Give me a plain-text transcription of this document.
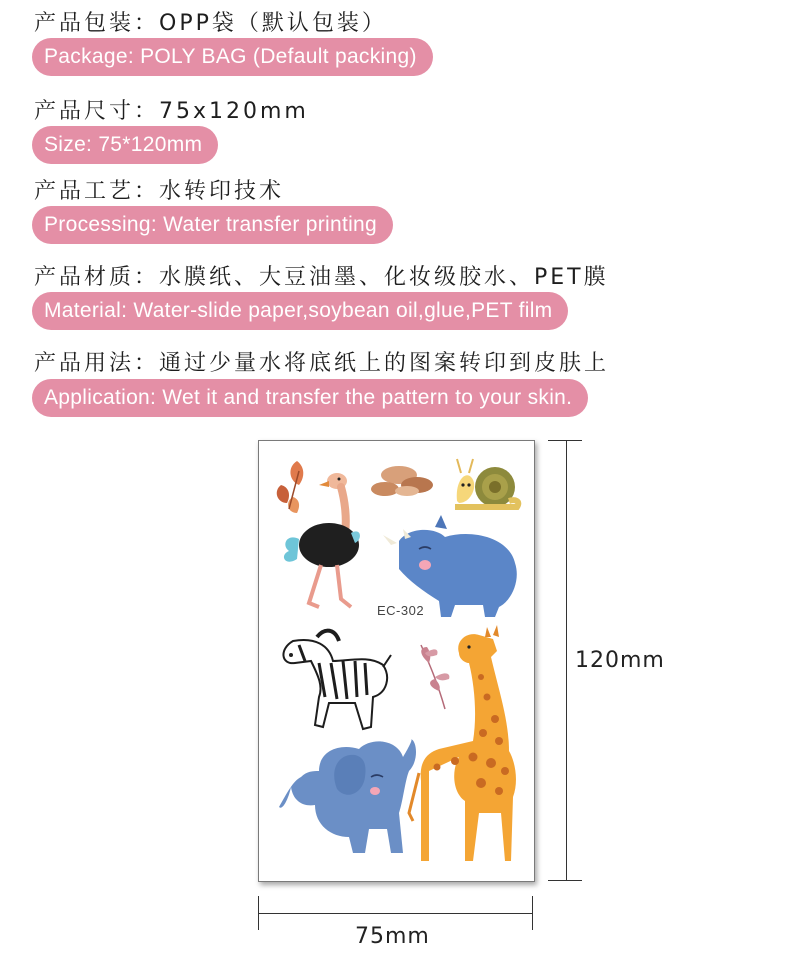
产品包装：OPP袋（默认包装）
Package: POLY BAG (Default packing)
产品尺寸：75x120mm
Size: 75*120mm
产品工艺：水转印技术
Processing: Water transfer printing
产品材质：水膜纸、大豆油墨、化妆级胶水、PET膜
Material: Water-slide paper,soybean oil,glue,PET film
产品用法：通过少量水将底纸上的图案转印到皮肤上
Application: Wet it and transfer the pattern to your skin.
EC-302
120mm
75mm
